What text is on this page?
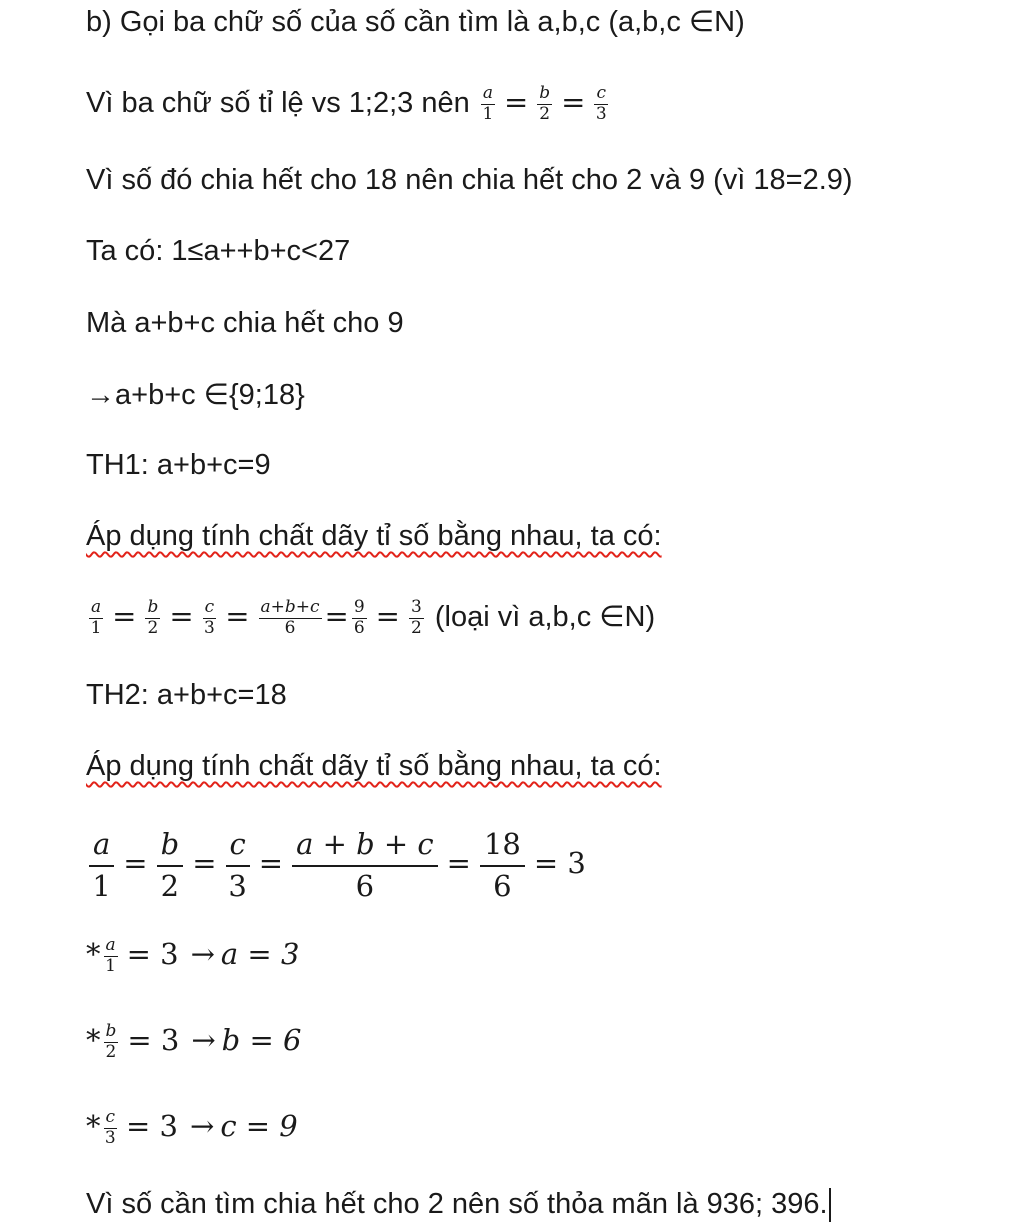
b) Gọi ba chữ số của số cần tìm là a,b,c (a,b,c ∈N)
Vì ba chữ số tỉ lệ vs 1;2;3 nên $\frac{a}{1} = \frac{b}{2} = \frac{c}{3}$
Vì số đó chia hết cho 18 nên chia hết cho 2 và 9 (vì 18=2.9)
Ta có: 1≤a++b+c<27
Mà a+b+c chia hết cho 9
→a+b+c ∈{9;18}
TH1: a+b+c=9
Áp dụng tính chất dãy tỉ số bằng nhau, ta có:
$\frac{a}{1} = \frac{b}{2} = \frac{c}{3} = \frac{a+b+c}{6} = \frac{9}{6} = \frac{3}{2}$ (loại vì a,b,c ∈N)
TH2: a+b+c=18
Áp dụng tính chất dãy tỉ số bằng nhau, ta có:
$\frac{a}{1} = \frac{b}{2} = \frac{c}{3} = \frac{a + b + c}{6} = \frac{18}{6} = 3$
* $\frac{a}{1} = 3 \to a = 3$
* $\frac{b}{2} = 3 \to b = 6$
* $\frac{c}{3} = 3 \to c = 9$
Vì số cần tìm chia hết cho 2 nên số thỏa mãn là 936; 396.
